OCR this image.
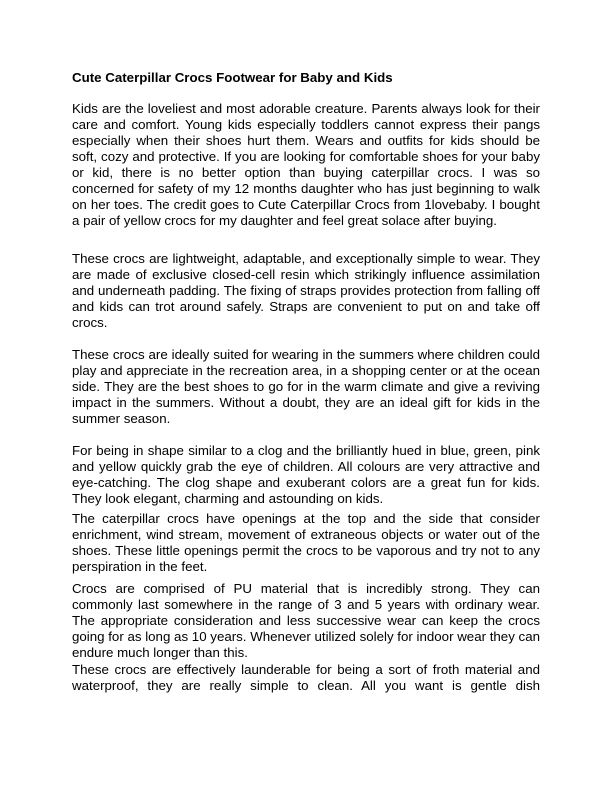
Cute Caterpillar Crocs Footwear for Baby and Kids

Kids are the loveliest and most adorable creature. Parents always look for their care and comfort. Young kids especially toddlers cannot express their pangs especially when their shoes hurt them. Wears and outfits for kids should be soft, cozy and protective. If you are looking for comfortable shoes for your baby or kid, there is no better option than buying caterpillar crocs. I was so concerned for safety of my 12 months daughter who has just beginning to walk on her toes. The credit goes to Cute Caterpillar Crocs from 1lovebaby. I bought a pair of yellow crocs for my daughter and feel great solace after buying.

These crocs are lightweight, adaptable, and exceptionally simple to wear. They are made of exclusive closed-cell resin which strikingly influence assimilation and underneath padding. The fixing of straps provides protection from falling off and kids can trot around safely. Straps are convenient to put on and take off crocs.

These crocs are ideally suited for wearing in the summers where children could play and appreciate in the recreation area, in a shopping center or at the ocean side. They are the best shoes to go for in the warm climate and give a reviving impact in the summers. Without a doubt, they are an ideal gift for kids in the summer season.

For being in shape similar to a clog and the brilliantly hued in blue, green, pink and yellow quickly grab the eye of children. All colours are very attractive and eye-catching. The clog shape and exuberant colors are a great fun for kids. They look elegant, charming and astounding on kids.

The caterpillar crocs have openings at the top and the side that consider enrichment, wind stream, movement of extraneous objects or water out of the shoes. These little openings permit the crocs to be vaporous and try not to any perspiration in the feet.

Crocs are comprised of PU material that is incredibly strong. They can commonly last somewhere in the range of 3 and 5 years with ordinary wear. The appropriate consideration and less successive wear can keep the crocs going for as long as 10 years. Whenever utilized solely for indoor wear they can endure much longer than this.

These crocs are effectively launderable for being a sort of froth material and waterproof, they are really simple to clean. All you want is gentle dish
